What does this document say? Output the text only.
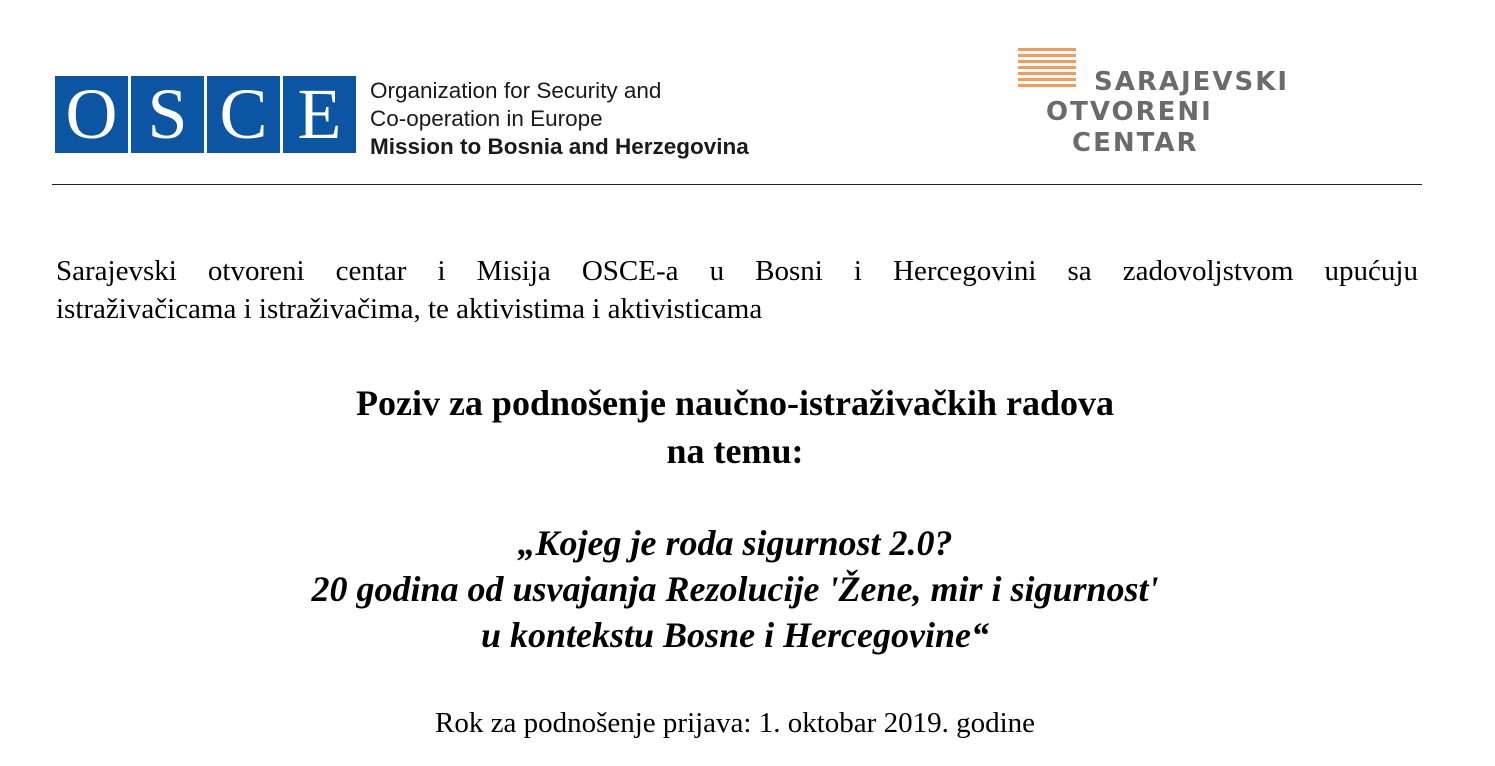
O S C E	Organization for Security and
Co-operation in Europe
Mission to Bosnia and Herzegovina
SARAJEVSKI
OTVORENI
CENTAR
Sarajevski otvoreni centar i Misija OSCE-a u Bosni i Hercegovini sa zadovoljstvom upućuju
istraživačicama i istraživačima, te aktivistima i aktivisticama
Poziv za podnošenje naučno-istraživačkih radova
na temu:
„Kojeg je roda sigurnost 2.0?
20 godina od usvajanja Rezolucije 'Žene, mir i sigurnost'
u kontekstu Bosne i Hercegovine“
Rok za podnošenje prijava: 1. oktobar 2019. godine
